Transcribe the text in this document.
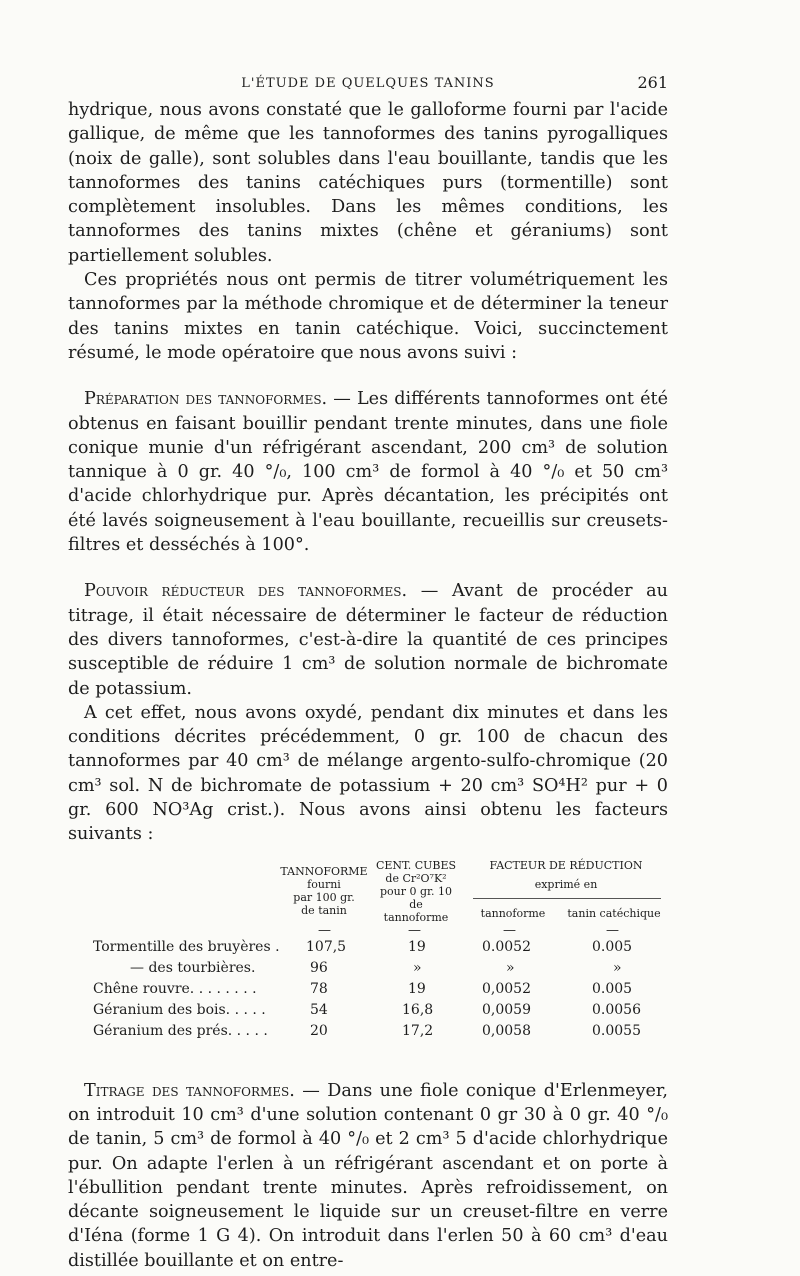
L'ÉTUDE DE QUELQUES TANINS	261

hydrique, nous avons constaté que le galloforme fourni par l'acide gallique, de même que les tannoformes des tanins pyrogalliques (noix de galle), sont solubles dans l'eau bouillante, tandis que les tannoformes des tanins catéchiques purs (tormentille) sont complètement insolubles. Dans les mêmes conditions, les tannoformes des tanins mixtes (chêne et géraniums) sont partiellement solubles.

Ces propriétés nous ont permis de titrer volumétriquement les tannoformes par la méthode chromique et de déterminer la teneur des tanins mixtes en tanin catéchique. Voici, succinctement résumé, le mode opératoire que nous avons suivi :

Préparation des tannoformes. — Les différents tannoformes ont été obtenus en faisant bouillir pendant trente minutes, dans une fiole conique munie d'un réfrigérant ascendant, 200 cm³ de solution tannique à 0 gr. 40 °/₀, 100 cm³ de formol à 40 °/₀ et 50 cm³ d'acide chlorhydrique pur. Après décantation, les précipités ont été lavés soigneusement à l'eau bouillante, recueillis sur creusets-filtres et desséchés à 100°.

Pouvoir réducteur des tannoformes. — Avant de procéder au titrage, il était nécessaire de déterminer le facteur de réduction des divers tannoformes, c'est-à-dire la quantité de ces principes susceptible de réduire 1 cm³ de solution normale de bichromate de potassium.

A cet effet, nous avons oxydé, pendant dix minutes et dans les conditions décrites précédemment, 0 gr. 100 de chacun des tannoformes par 40 cm³ de mélange argento-sulfo-chromique (20 cm³ sol. N de bichromate de potassium + 20 cm³ SO⁴H² pur + 0 gr. 600 NO³Ag crist.). Nous avons ainsi obtenu les facteurs suivants :

TANNOFORME
fourni
par 100 gr.
de tanin
CENT. CUBES
de Cr²O⁷K²
pour 0 gr. 10
de
tannoforme
FACTEUR DE RÉDUCTION
exprimé en
tannoforme	tanin catéchique
—	—	—	—
Tormentille des bruyères . 107,5	19	0.0052	0.005
— des tourbières.	96	»	»	»
Chêne rouvre. . . . . . . .	78	19	0,0052	0.005
Géranium des bois. . . . .	54	16,8	0,0059	0.0056
Géranium des prés. . . . .	20	17,2	0,0058	0.0055

Titrage des tannoformes. — Dans une fiole conique d'Erlenmeyer, on introduit 10 cm³ d'une solution contenant 0 gr 30 à 0 gr. 40 °/₀ de tanin, 5 cm³ de formol à 40 °/₀ et 2 cm³ 5 d'acide chlorhydrique pur. On adapte l'erlen à un réfrigérant ascendant et on porte à l'ébullition pendant trente minutes. Après refroidissement, on décante soigneusement le liquide sur un creuset-filtre en verre d'Iéna (forme 1 G 4). On introduit dans l'erlen 50 à 60 cm³ d'eau distillée bouillante et on entre-
